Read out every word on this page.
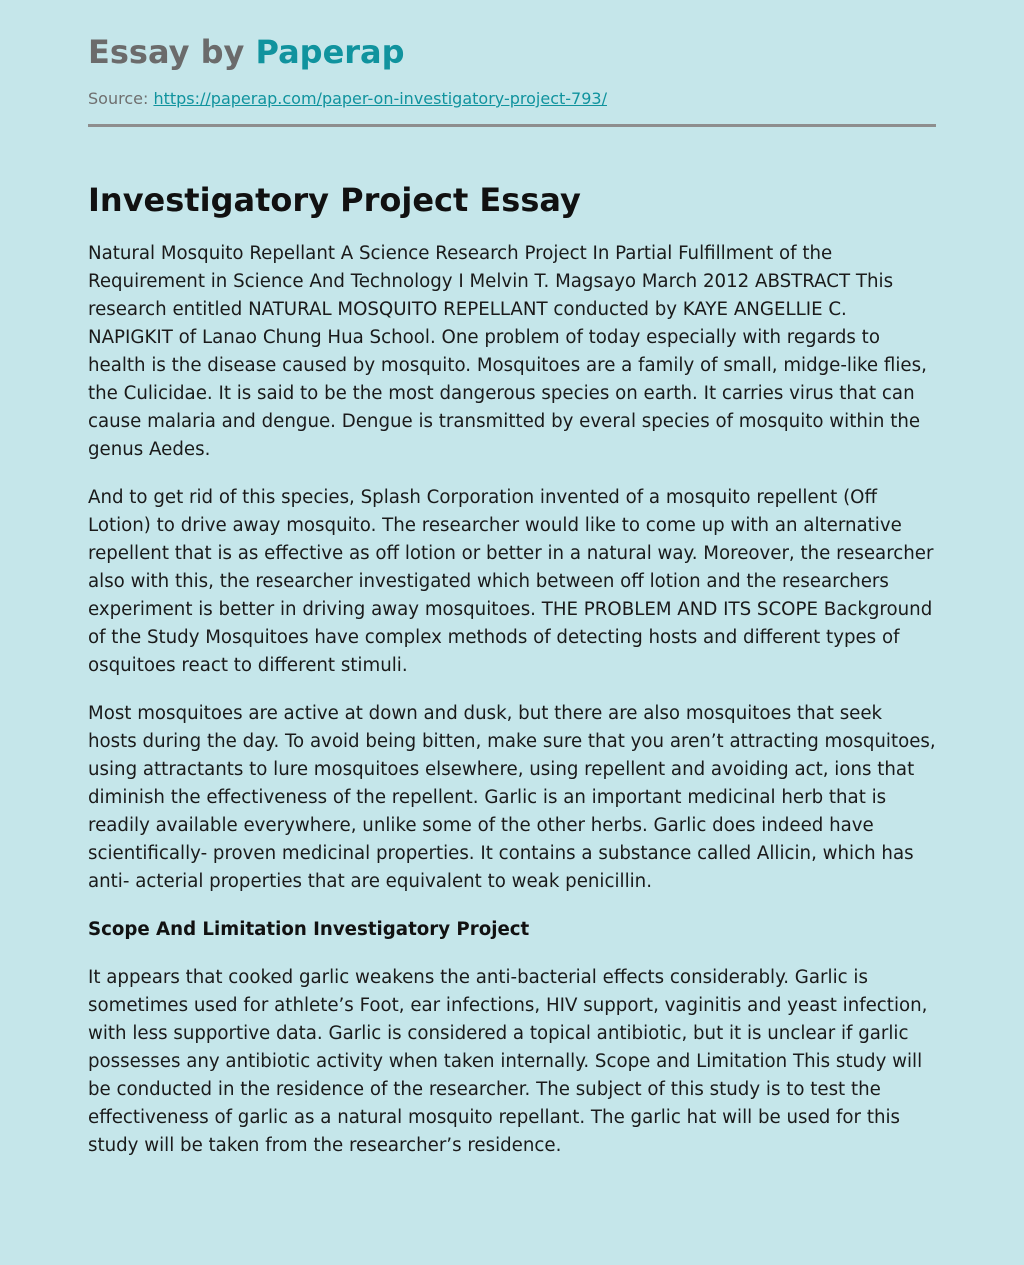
Essay by Paperap
Source: https://paperap.com/paper-on-investigatory-project-793/
Investigatory Project Essay

Natural Mosquito Repellant A Science Research Project In Partial Fulfillment of the Requirement in Science And Technology I Melvin T. Magsayo March 2012 ABSTRACT This research entitled NATURAL MOSQUITO REPELLANT conducted by KAYE ANGELLIE C. NAPIGKIT of Lanao Chung Hua School. One problem of today especially with regards to health is the disease caused by mosquito. Mosquitoes are a family of small, midge-like flies, the Culicidae. It is said to be the most dangerous species on earth. It carries virus that can cause malaria and dengue. Dengue is transmitted by everal species of mosquito within the genus Aedes.

And to get rid of this species, Splash Corporation invented of a mosquito repellent (Off Lotion) to drive away mosquito. The researcher would like to come up with an alternative repellent that is as effective as off lotion or better in a natural way. Moreover, the researcher also with this, the researcher investigated which between off lotion and the researchers experiment is better in driving away mosquitoes. THE PROBLEM AND ITS SCOPE Background of the Study Mosquitoes have complex methods of detecting hosts and different types of osquitoes react to different stimuli.

Most mosquitoes are active at down and dusk, but there are also mosquitoes that seek hosts during the day. To avoid being bitten, make sure that you aren’t attracting mosquitoes, using attractants to lure mosquitoes elsewhere, using repellent and avoiding act, ions that diminish the effectiveness of the repellent. Garlic is an important medicinal herb that is readily available everywhere, unlike some of the other herbs. Garlic does indeed have scientifically- proven medicinal properties. It contains a substance called Allicin, which has anti- acterial properties that are equivalent to weak penicillin.

Scope And Limitation Investigatory Project

It appears that cooked garlic weakens the anti-bacterial effects considerably. Garlic is sometimes used for athlete’s Foot, ear infections, HIV support, vaginitis and yeast infection, with less supportive data. Garlic is considered a topical antibiotic, but it is unclear if garlic possesses any antibiotic activity when taken internally. Scope and Limitation This study will be conducted in the residence of the researcher. The subject of this study is to test the effectiveness of garlic as a natural mosquito repellant. The garlic hat will be used for this study will be taken from the researcher’s residence.
